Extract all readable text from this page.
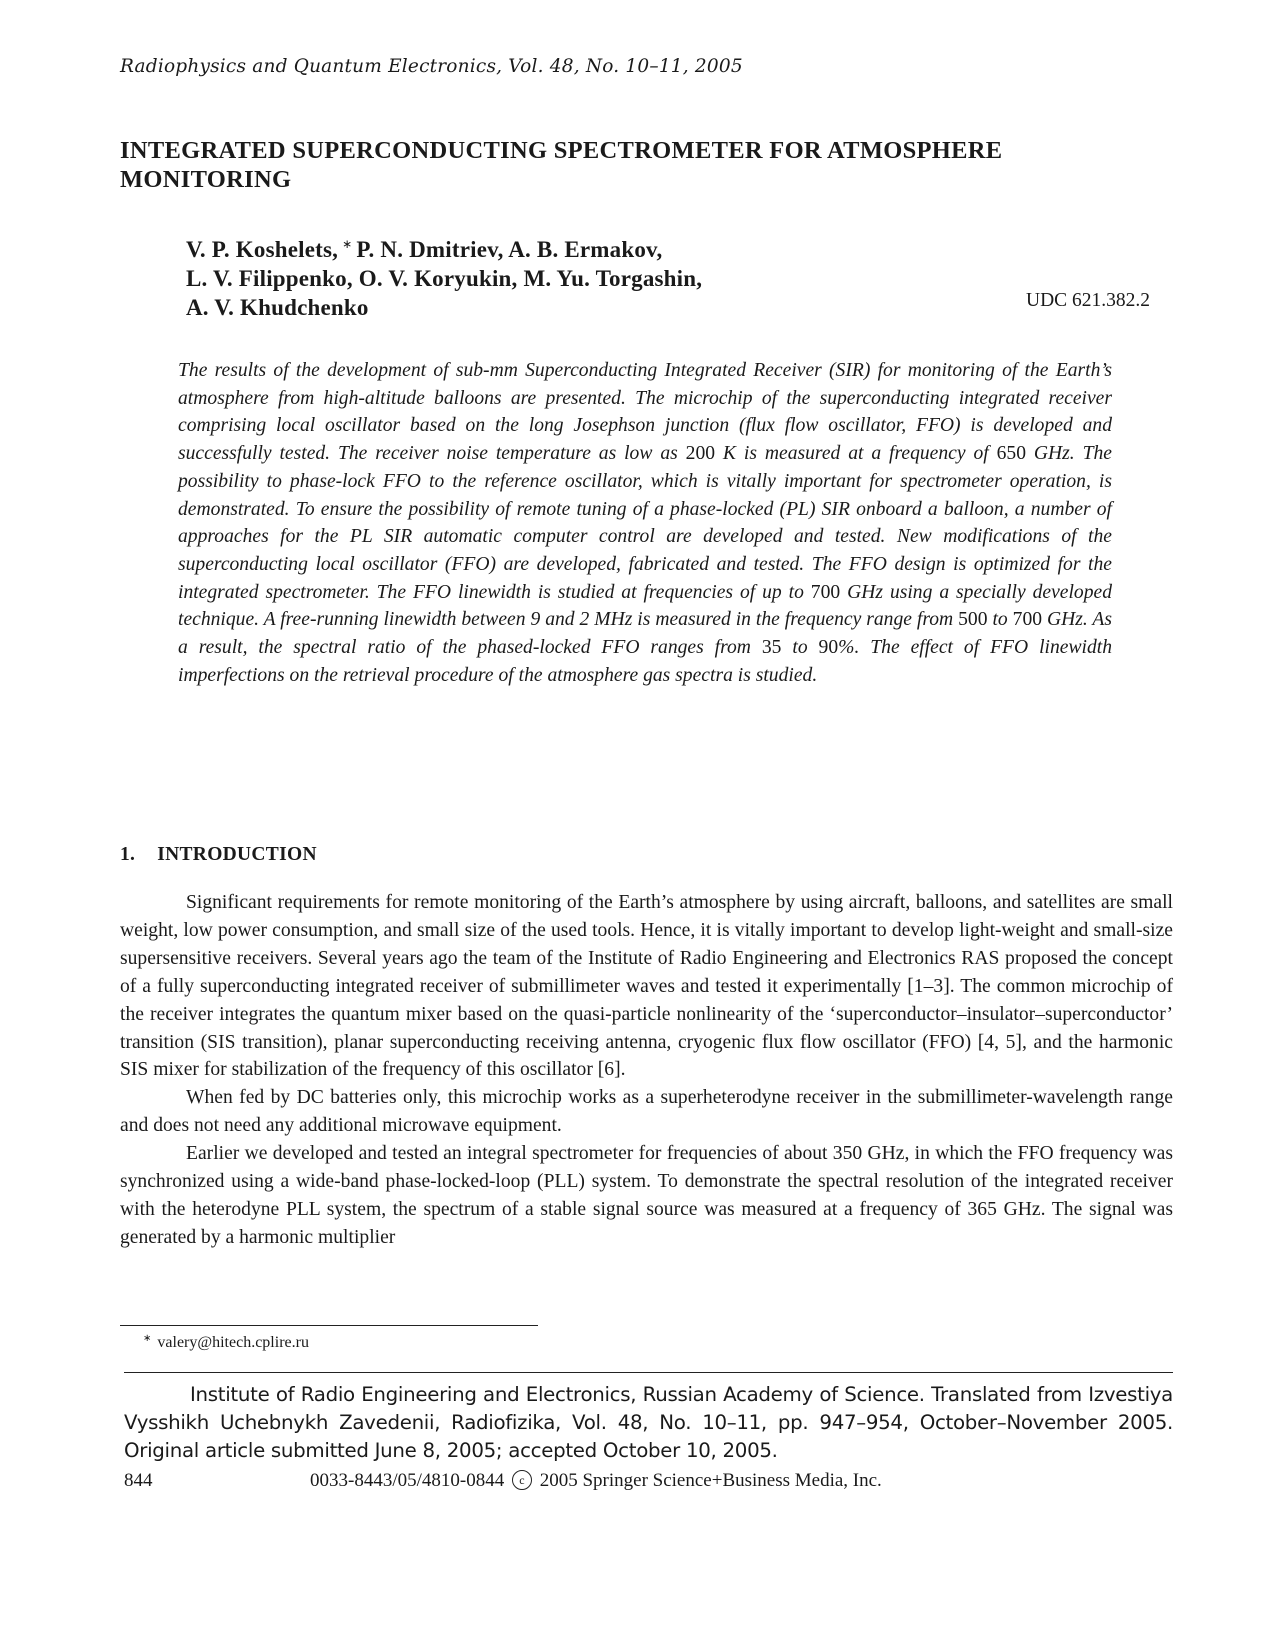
Radiophysics and Quantum Electronics, Vol. 48, No. 10–11, 2005
INTEGRATED SUPERCONDUCTING SPECTROMETER FOR ATMOSPHERE MONITORING
V. P. Koshelets, ∗ P. N. Dmitriev, A. B. Ermakov,
L. V. Filippenko, O. V. Koryukin, M. Yu. Torgashin,
A. V. Khudchenko	UDC 621.382.2
The results of the development of sub-mm Superconducting Integrated Receiver (SIR) for monitoring of the Earth’s atmosphere from high-altitude balloons are presented. The microchip of the superconducting integrated receiver comprising local oscillator based on the long Josephson junction (flux flow oscillator, FFO) is developed and successfully tested. The receiver noise temperature as low as 200 K is measured at a frequency of 650 GHz. The possibility to phase-lock FFO to the reference oscillator, which is vitally important for spectrometer operation, is demonstrated. To ensure the possibility of remote tuning of a phase-locked (PL) SIR onboard a balloon, a number of approaches for the PL SIR automatic computer control are developed and tested. New modifications of the superconducting local oscillator (FFO) are developed, fabricated and tested. The FFO design is optimized for the integrated spectrometer. The FFO linewidth is studied at frequencies of up to 700 GHz using a specially developed technique. A free-running linewidth between 9 and 2 MHz is measured in the frequency range from 500 to 700 GHz. As a result, the spectral ratio of the phased-locked FFO ranges from 35 to 90%. The effect of FFO linewidth imperfections on the retrieval procedure of the atmosphere gas spectra is studied.
1. INTRODUCTION

Significant requirements for remote monitoring of the Earth’s atmosphere by using aircraft, balloons, and satellites are small weight, low power consumption, and small size of the used tools. Hence, it is vitally important to develop light-weight and small-size supersensitive receivers. Several years ago the team of the Institute of Radio Engineering and Electronics RAS proposed the concept of a fully superconducting integrated receiver of submillimeter waves and tested it experimentally [1–3]. The common microchip of the receiver integrates the quantum mixer based on the quasi-particle nonlinearity of the ‘superconductor–insulator–superconductor’ transition (SIS transition), planar superconducting receiving antenna, cryogenic flux flow oscillator (FFO) [4, 5], and the harmonic SIS mixer for stabilization of the frequency of this oscillator [6].

When fed by DC batteries only, this microchip works as a superheterodyne receiver in the submillimeter-wavelength range and does not need any additional microwave equipment.

Earlier we developed and tested an integral spectrometer for frequencies of about 350 GHz, in which the FFO frequency was synchronized using a wide-band phase-locked-loop (PLL) system. To demonstrate the spectral resolution of the integrated receiver with the heterodyne PLL system, the spectrum of a stable signal source was measured at a frequency of 365 GHz. The signal was generated by a harmonic multiplier

∗ valery@hitech.cplire.ru
Institute of Radio Engineering and Electronics, Russian Academy of Science. Translated from Izvestiya Vysshikh Uchebnykh Zavedenii, Radiofizika, Vol. 48, No. 10–11, pp. 947–954, October–November 2005. Original article submitted June 8, 2005; accepted October 10, 2005.
844	0033-8443/05/4810-0844 c 2005 Springer Science+Business Media, Inc.
